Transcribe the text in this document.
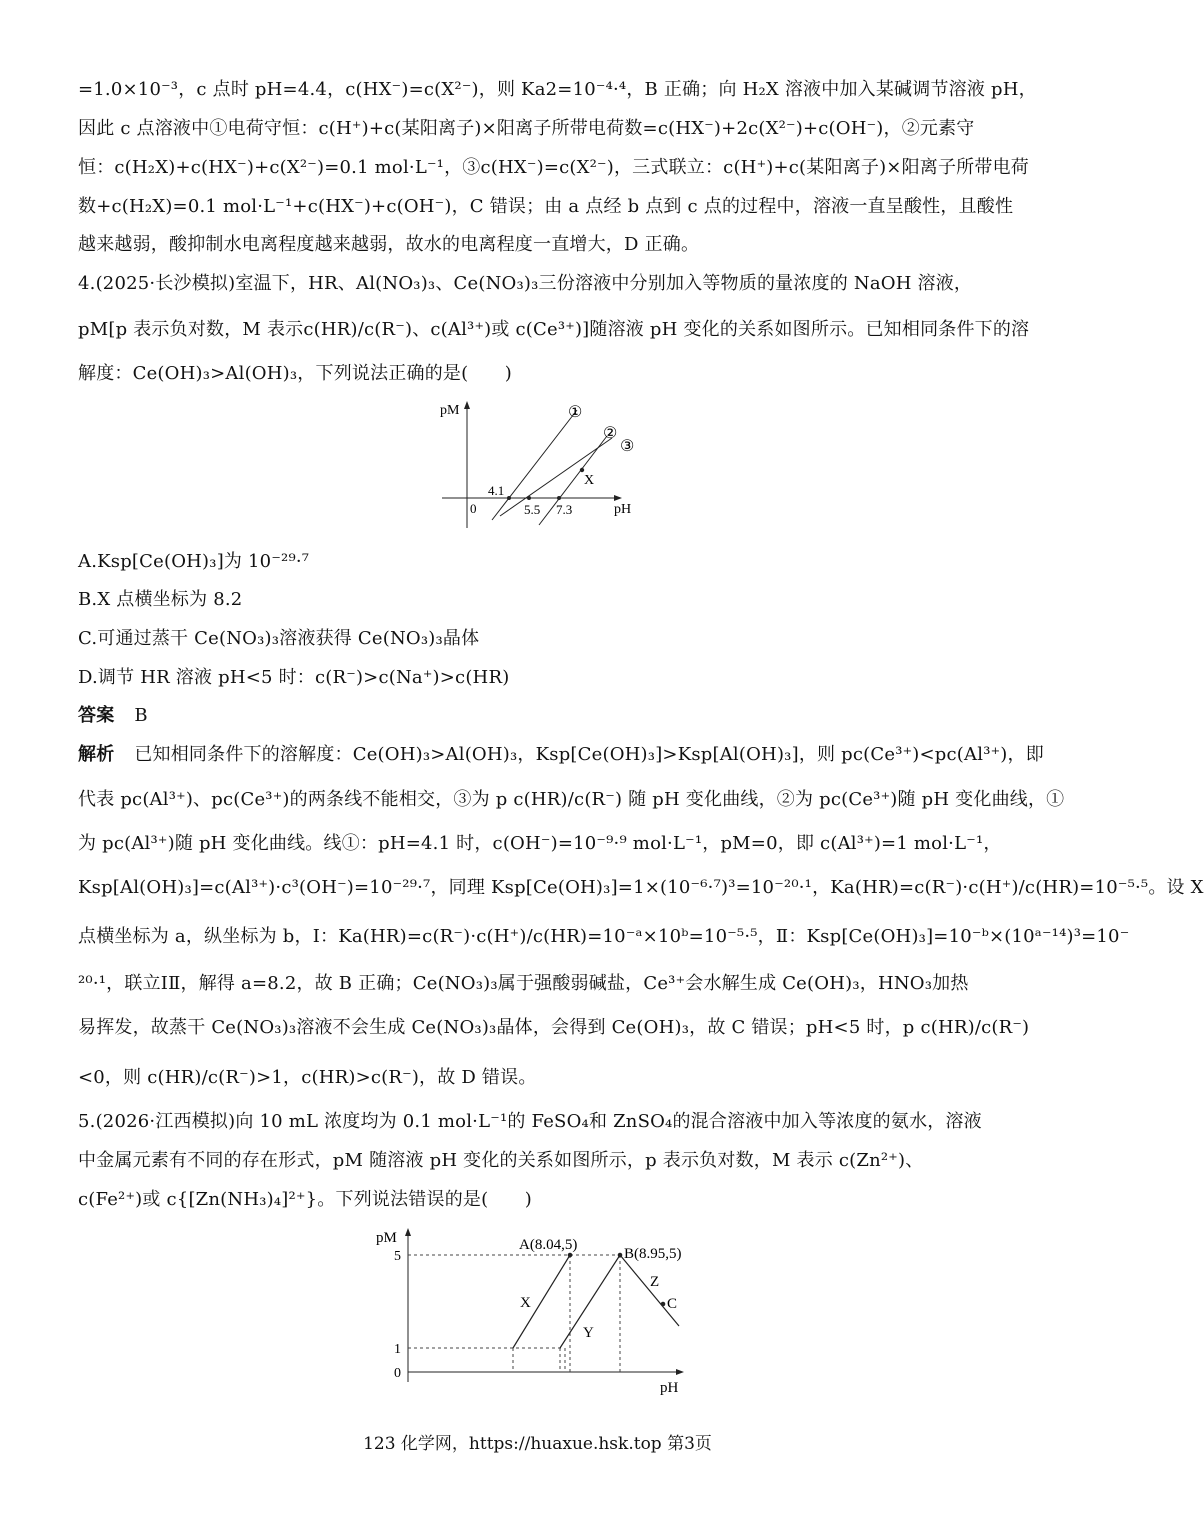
=1.0×10⁻³，c 点时 pH=4.4，c(HX⁻)=c(X²⁻)，则 Ka2=10⁻⁴·⁴，B 正确；向 H₂X 溶液中加入某碱调节溶液 pH，
因此 c 点溶液中①电荷守恒：c(H⁺)+c(某阳离子)×阳离子所带电荷数=c(HX⁻)+2c(X²⁻)+c(OH⁻)，②元素守
恒：c(H₂X)+c(HX⁻)+c(X²⁻)=0.1 mol·L⁻¹，③c(HX⁻)=c(X²⁻)，三式联立：c(H⁺)+c(某阳离子)×阳离子所带电荷
数+c(H₂X)=0.1 mol·L⁻¹+c(HX⁻)+c(OH⁻)，C 错误；由 a 点经 b 点到 c 点的过程中，溶液一直呈酸性，且酸性
越来越弱，酸抑制水电离程度越来越弱，故水的电离程度一直增大，D 正确。
4.(2025·长沙模拟)室温下，HR、Al(NO₃)₃、Ce(NO₃)₃三份溶液中分别加入等物质的量浓度的 NaOH 溶液，
pM[p 表示负对数，M 表示c(HR)/c(R⁻)、c(Al³⁺)或 c(Ce³⁺)]随溶液 pH 变化的关系如图所示。已知相同条件下的溶
解度：Ce(OH)₃>Al(OH)₃，下列说法正确的是(　　)
pM
0	pH
4.1
5.5 7.3
X
①
②
③
A.Ksp[Ce(OH)₃]为 10⁻²⁹·⁷
B.X 点横坐标为 8.2
C.可通过蒸干 Ce(NO₃)₃溶液获得 Ce(NO₃)₃晶体
D.调节 HR 溶液 pH<5 时：c(R⁻)>c(Na⁺)>c(HR)
答案 B
解析 已知相同条件下的溶解度：Ce(OH)₃>Al(OH)₃，Ksp[Ce(OH)₃]>Ksp[Al(OH)₃]，则 pc(Ce³⁺)<pc(Al³⁺)，即
代表 pc(Al³⁺)、pc(Ce³⁺)的两条线不能相交，③为 p c(HR)/c(R⁻) 随 pH 变化曲线，②为 pc(Ce³⁺)随 pH 变化曲线，①
为 pc(Al³⁺)随 pH 变化曲线。线①：pH=4.1 时，c(OH⁻)=10⁻⁹·⁹ mol·L⁻¹，pM=0，即 c(Al³⁺)=1 mol·L⁻¹，
Ksp[Al(OH)₃]=c(Al³⁺)·c³(OH⁻)=10⁻²⁹·⁷，同理 Ksp[Ce(OH)₃]=1×(10⁻⁶·⁷)³=10⁻²⁰·¹，Ka(HR)=c(R⁻)·c(H⁺)/c(HR)=10⁻⁵·⁵。设 X
点横坐标为 a，纵坐标为 b，Ⅰ：Ka(HR)=c(R⁻)·c(H⁺)/c(HR)=10⁻ᵃ×10ᵇ=10⁻⁵·⁵，Ⅱ：Ksp[Ce(OH)₃]=10⁻ᵇ×(10ᵃ⁻¹⁴)³=10⁻
²⁰·¹，联立ⅠⅡ，解得 a=8.2，故 B 正确；Ce(NO₃)₃属于强酸弱碱盐，Ce³⁺会水解生成 Ce(OH)₃，HNO₃加热
易挥发，故蒸干 Ce(NO₃)₃溶液不会生成 Ce(NO₃)₃晶体，会得到 Ce(OH)₃，故 C 错误；pH<5 时，p c(HR)/c(R⁻)
<0，则 c(HR)/c(R⁻)>1，c(HR)>c(R⁻)，故 D 错误。
5.(2026·江西模拟)向 10 mL 浓度均为 0.1 mol·L⁻¹的 FeSO₄和 ZnSO₄的混合溶液中加入等浓度的氨水，溶液
中金属元素有不同的存在形式，pM 随溶液 pH 变化的关系如图所示，p 表示负对数，M 表示 c(Zn²⁺)、
c(Fe²⁺)或 c{[Zn(NH₃)₄]²⁺}。下列说法错误的是(　　)
pM
5
1
0
pH
A(8.04,5)
B(8.95,5)
C
X
Y
Z
123 化学网，https://huaxue.hsk.top 第3页
